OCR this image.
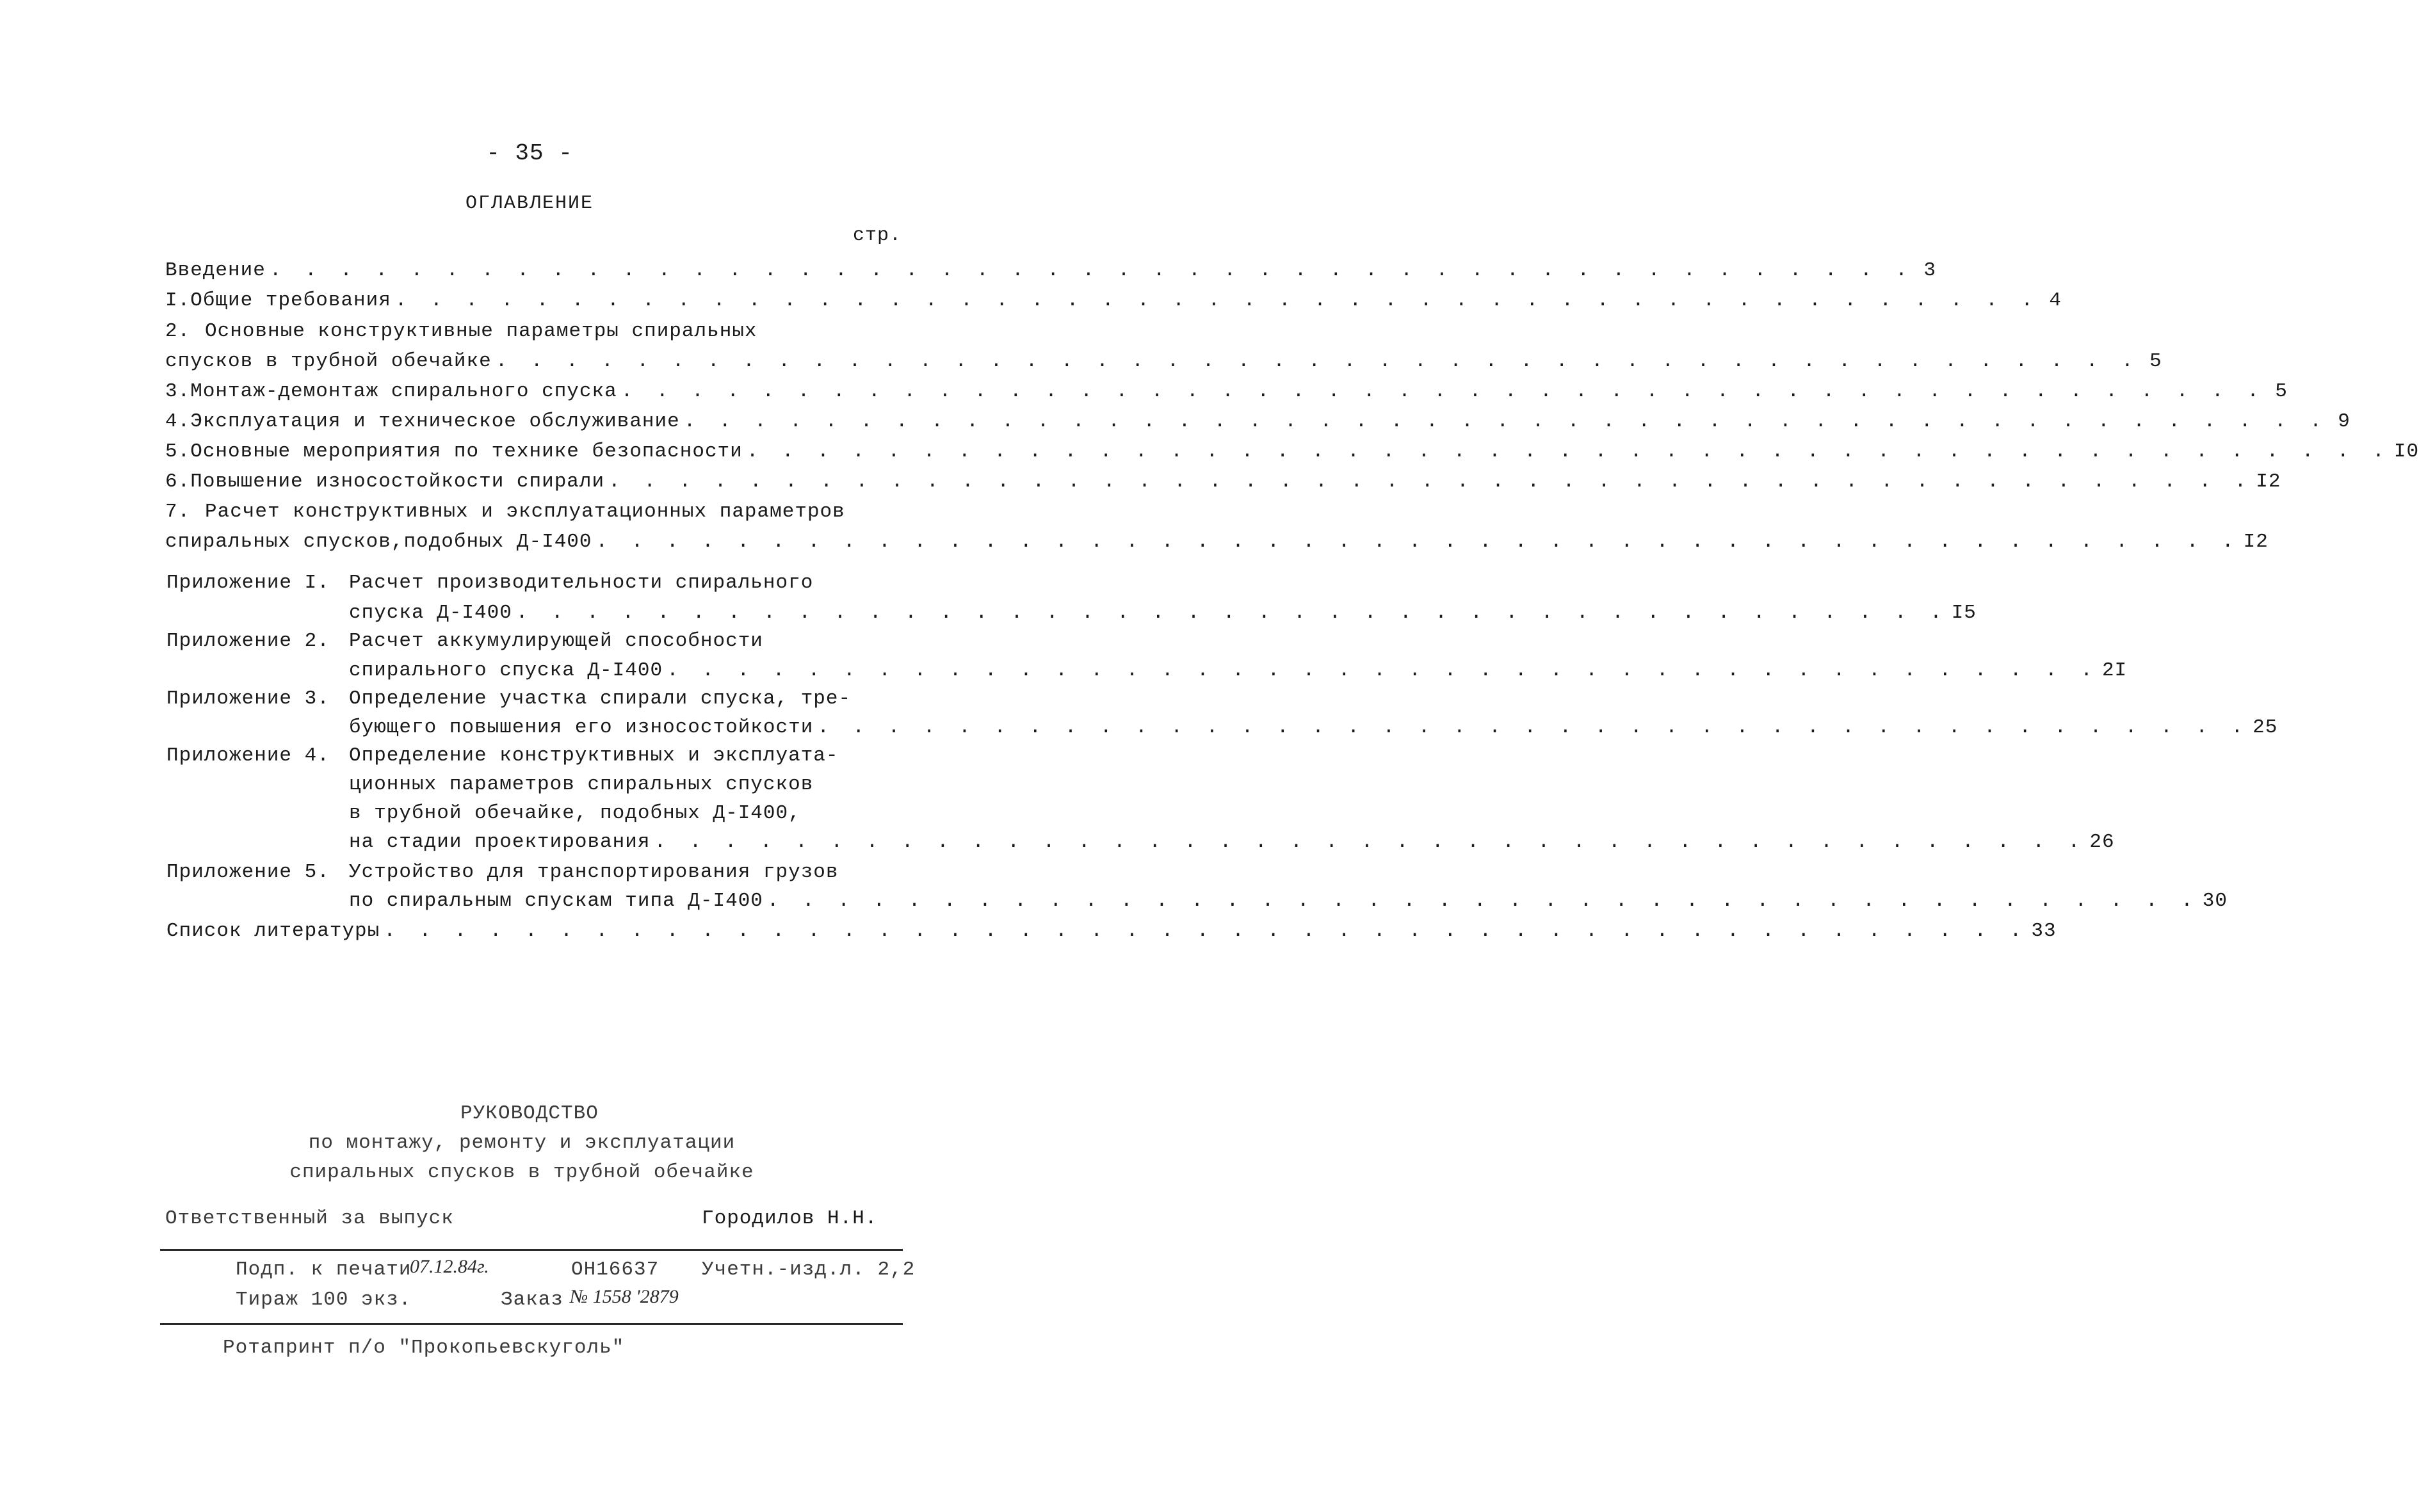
- 35 -
ОГЛАВЛЕНИЕ
стр.
Введение . . . . . . . . . . . . . . . . . . . . . . . . . . . . . . . . . . . . . . . . . . . . . . . 3
I. Общие требования . . . . . . . . . . . . . . . . . . . . . . . . . . . . . . . . . . . . . . . . . . . . . . . 4
2. Основные конструктивные параметры спиральных
спусков в трубной обечайке . . . . . . . . . . . . . . . . . . . . . . . . . . . . . . . . . . . . . . . . . . . . . . . 5
3. Монтаж-демонтаж спирального спуска . . . . . . . . . . . . . . . . . . . . . . . . . . . . . . . . . . . . . . . . . . . . . . . 5
4. Эксплуатация и техническое обслуживание . . . . . . . . . . . . . . . . . . . . . . . . . . . . . . . . . . . . . . . . . . . . . . . 9
5. Основные мероприятия по технике безопасности . . . . . . . . . . . . . . . . . . . . . . . . . . . . . . . . . . . . . . . . . . . . . . . I0
6. Повышение износостойкости спирали . . . . . . . . . . . . . . . . . . . . . . . . . . . . . . . . . . . . . . . . . . . . . . . I2
7. Расчет конструктивных и эксплуатационных параметров
спиральных спусков,подобных Д-I400 . . . . . . . . . . . . . . . . . . . . . . . . . . . . . . . . . . . . . . . . . . . . . . . I2
Приложение I. Расчет производительности спирального
спуска Д-I400 . . . . . . . . . . . . . . . . . . . . . . . . . . . . . . . . . . . . . . . . . I5
Приложение 2. Расчет аккумулирующей способности
спирального спуска Д-I400 . . . . . . . . . . . . . . . . . . . . . . . . . . . . . . . . . . . . . . . . . 2I
Приложение 3. Определение участка спирали спуска, тре-
бующего повышения его износостойкости . . . . . . . . . . . . . . . . . . . . . . . . . . . . . . . . . . . . . . . . . 25
Приложение 4. Определение конструктивных и эксплуата-
ционных параметров спиральных спусков
в трубной обечайке, подобных Д-I400,
на стадии проектирования . . . . . . . . . . . . . . . . . . . . . . . . . . . . . . . . . . . . . . . . . 26
Приложение 5. Устройство для транспортирования грузов
по спиральным спускам типа Д-I400 . . . . . . . . . . . . . . . . . . . . . . . . . . . . . . . . . . . . . . . . . 30
Список литературы . . . . . . . . . . . . . . . . . . . . . . . . . . . . . . . . . . . . . . . . . . . . . . . 33
РУКОВОДСТВО
по монтажу, ремонту и эксплуатации
спиральных спусков в трубной обечайке
Ответственный за выпуск	Городилов Н.Н.
Подп. к печати
07.12.84г.	ОН16637 Учетн.-изд.л. 2,2
Тираж 100 экз.	Заказ № 1558 '2879
Ротапринт п/о "Прокопьевскуголь"
